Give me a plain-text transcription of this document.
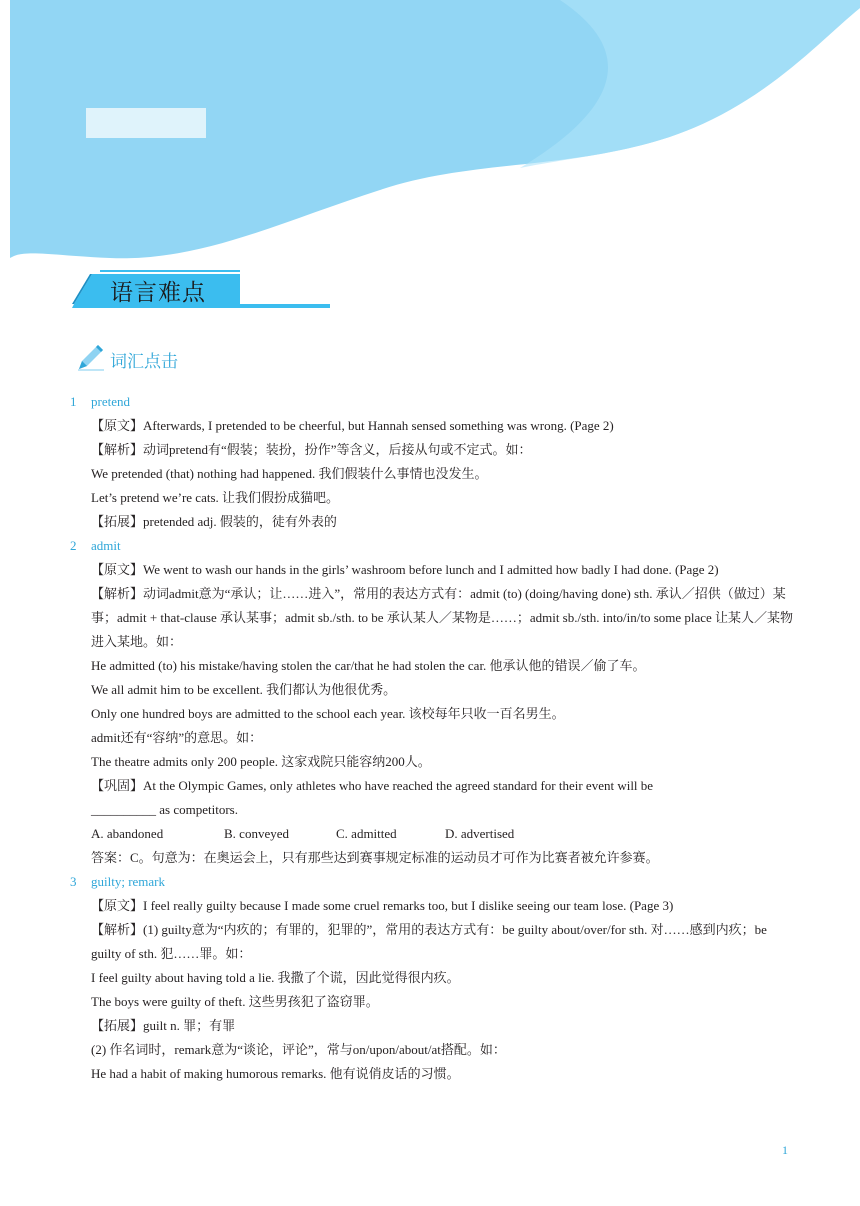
语言难点
词汇点击
1 pretend
【原文】Afterwards, I pretended to be cheerful, but Hannah sensed something was wrong. (Page 2)
【解析】动词pretend有“假装；装扮，扮作”等含义，后接从句或不定式。如：
We pretended (that) nothing had happened. 我们假装什么事情也没发生。
Let’s pretend we’re cats. 让我们假扮成猫吧。
【拓展】pretended adj. 假装的，徒有外表的
2 admit
【原文】We went to wash our hands in the girls’ washroom before lunch and I admitted how badly I had done. (Page 2)
【解析】动词admit意为“承认；让……进入”，常用的表达方式有：admit (to) (doing/having done) sth. 承认／招供（做过）某事；admit + that-clause 承认某事；admit sb./sth. to be 承认某人／某物是……；admit sb./sth. into/in/to some place 让某人／某物进入某地。如：
He admitted (to) his mistake/having stolen the car/that he had stolen the car. 他承认他的错误／偷了车。
We all admit him to be excellent. 我们都认为他很优秀。
Only one hundred boys are admitted to the school each year. 该校每年只收一百名男生。
admit还有“容纳”的意思。如：
The theatre admits only 200 people. 这家戏院只能容纳200人。
【巩固】At the Olympic Games, only athletes who have reached the agreed standard for their event will be
__________ as competitors.
A. abandoned	B. conveyed	C. admitted	D. advertised
答案：C。句意为：在奥运会上，只有那些达到赛事规定标准的运动员才可作为比赛者被允许参赛。
3 guilty; remark
【原文】I feel really guilty because I made some cruel remarks too, but I dislike seeing our team lose. (Page 3)
【解析】(1) guilty意为“内疚的；有罪的，犯罪的”，常用的表达方式有：be guilty about/over/for sth. 对……感到内疚；be guilty of sth. 犯……罪。如：
I feel guilty about having told a lie. 我撒了个谎，因此觉得很内疚。
The boys were guilty of theft. 这些男孩犯了盗窃罪。
【拓展】guilt n. 罪；有罪
(2) 作名词时，remark意为“谈论，评论”，常与on/upon/about/at搭配。如：
He had a habit of making humorous remarks. 他有说俏皮话的习惯。
1
